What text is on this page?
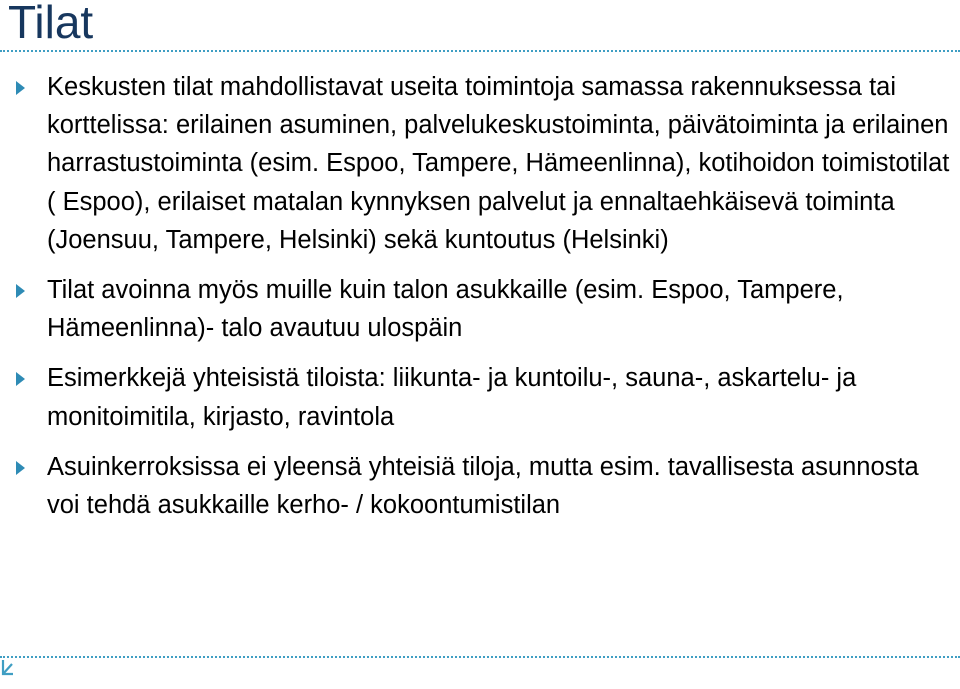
Tilat
Keskusten tilat mahdollistavat useita toimintoja samassa rakennuksessa tai korttelissa: erilainen asuminen, palvelukeskustoiminta, päivätoiminta ja erilainen harrastustoiminta (esim. Espoo, Tampere, Hämeenlinna), kotihoidon toimistotilat ( Espoo), erilaiset matalan kynnyksen palvelut ja ennaltaehkäisevä toiminta (Joensuu, Tampere, Helsinki) sekä kuntoutus (Helsinki)
Tilat avoinna myös muille kuin talon asukkaille (esim. Espoo, Tampere, Hämeenlinna)- talo avautuu ulospäin
Esimerkkejä yhteisistä tiloista: liikunta- ja kuntoilu-, sauna-, askartelu- ja monitoimitila, kirjasto, ravintola
Asuinkerroksissa ei yleensä yhteisiä tiloja, mutta esim. tavallisesta asunnosta voi tehdä asukkaille kerho- / kokoontumistilan
